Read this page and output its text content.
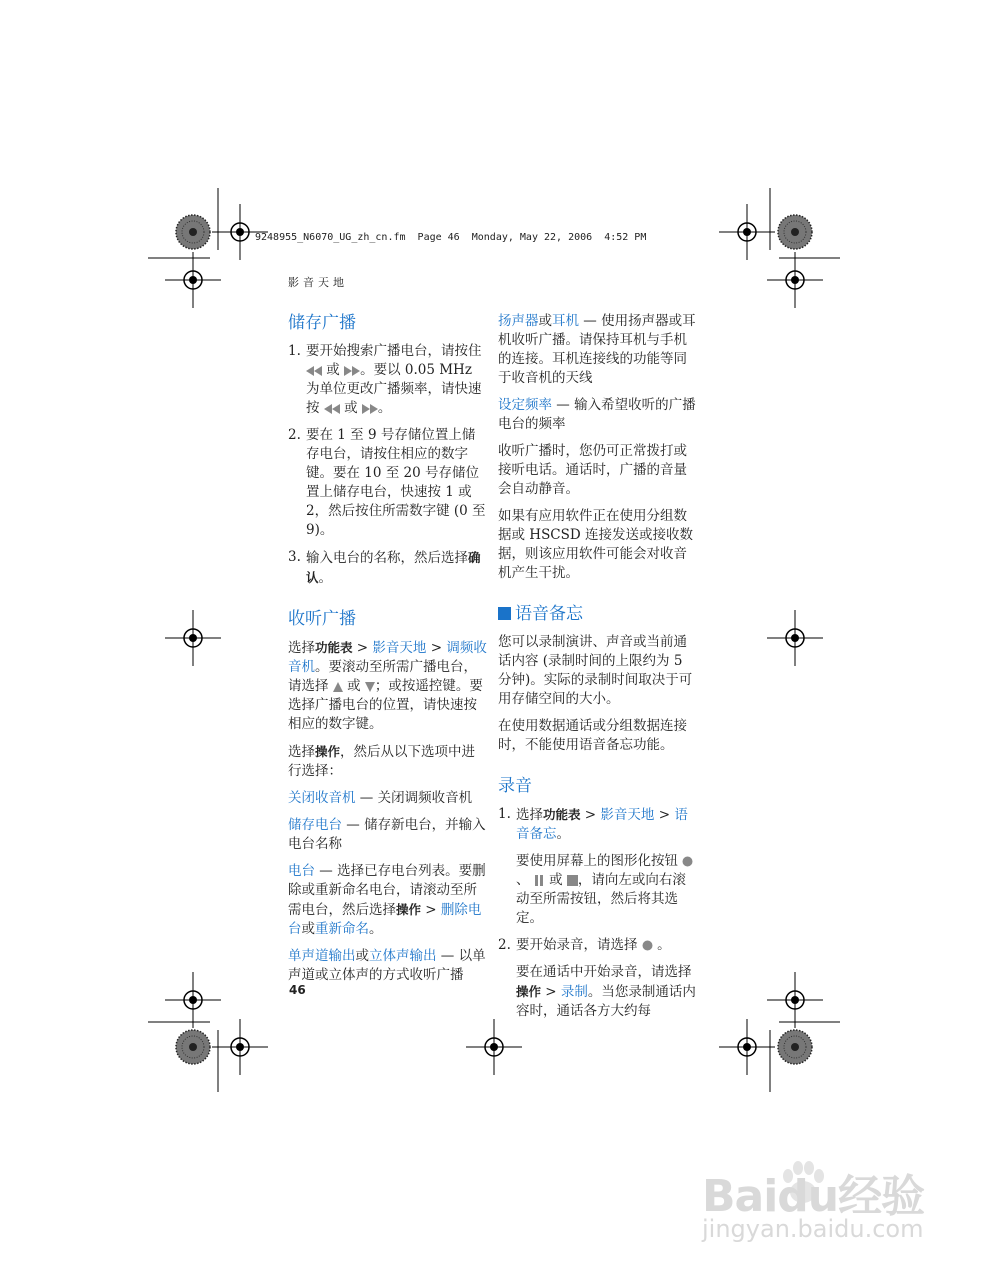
9248955_N6070_UG_zh_cn.fm  Page 46  Monday, May 22, 2006  4:52 PM
影音天地
储存广播
1. 要开始搜索广播电台，请按住  或 。要以 0.05 MHz 为单位更改广播频率，请快速按 或 。
2. 要在 1 至 9 号存储位置上储存电台，请按住相应的数字键。要在 10 至 20 号存储位置上储存电台，快速按 1 或 2，然后按住所需数字键 (0 至 9)。
3. 输入电台的名称，然后选择确认。
收听广播

选择功能表 > 影音天地 > 调频收音机。要滚动至所需广播电台，请选择 或 ；或按遥控键。要选择广播电台的位置，请快速按相应的数字键。

选择操作，然后从以下选项中进行选择：

关闭收音机 — 关闭调频收音机

储存电台 — 储存新电台，并输入电台名称

电台 — 选择已存电台列表。要删除或重新命名电台，请滚动至所需电台，然后选择操作 > 删除电台或重新命名。

单声道输出或立体声输出 — 以单声道或立体声的方式收听广播

扬声器或耳机 — 使用扬声器或耳机收听广播。请保持耳机与手机的连接。耳机连接线的功能等同于收音机的天线

设定频率 — 输入希望收听的广播电台的频率

收听广播时，您仍可正常拨打或接听电话。通话时，广播的音量会自动静音。

如果有应用软件正在使用分组数据或 HSCSD 连接发送或接收数据，则该应用软件可能会对收音机产生干扰。

语音备忘

您可以录制演讲、声音或当前通话内容 (录制时间的上限约为 5 分钟)。实际的录制时间取决于可用存储空间的大小。

在使用数据通话或分组数据连接时，不能使用语音备忘功能。

录音
1. 选择功能表 > 影音天地 > 语音备忘。

要使用屏幕上的图形化按钮 、 或 ，请向左或向右滚动至所需按钮，然后将其选定。

2. 要开始录音，请选择 。

要在通话中开始录音，请选择操作 > 录制。当您录制通话内容时，通话各方大约每

46
Baidu经验
jingyan.baidu.com
